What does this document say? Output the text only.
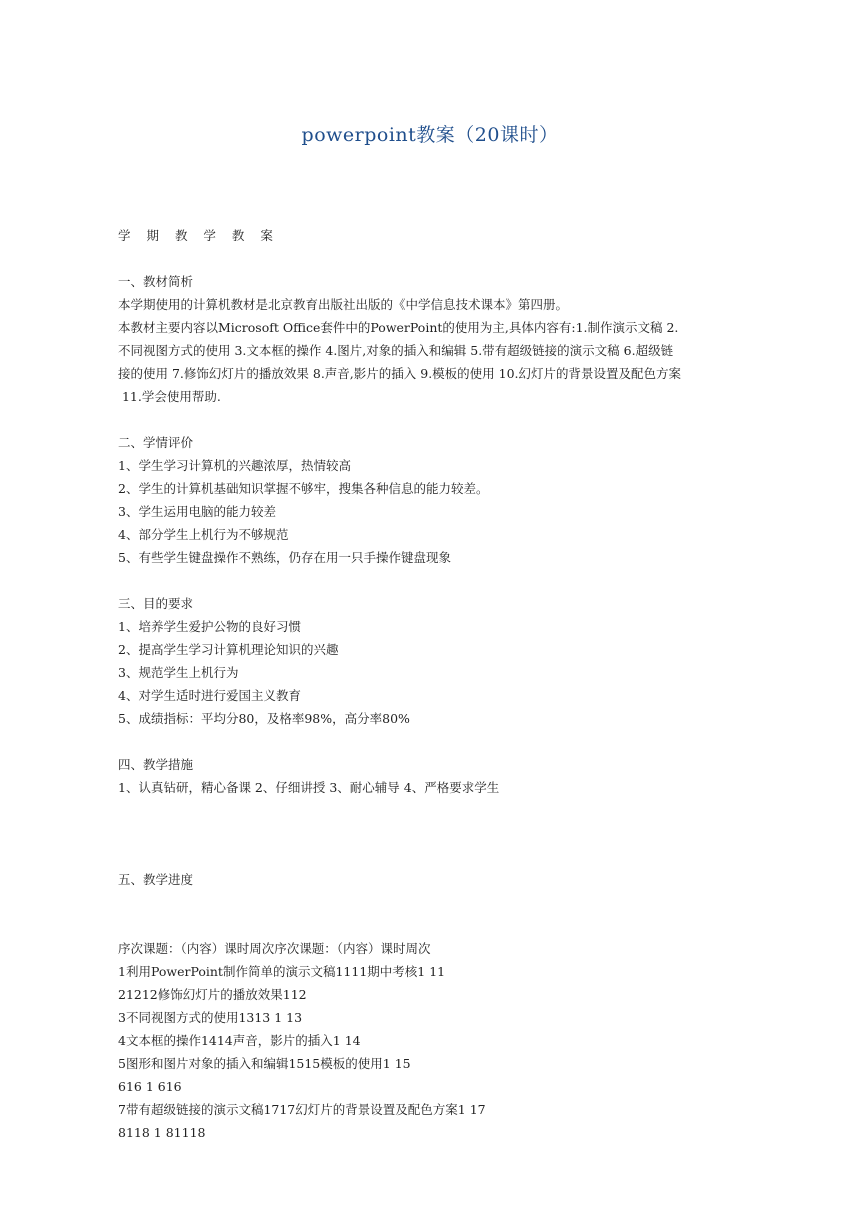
powerpoint教案（20课时）
学 期 教 学 教 案
一、教材简析
本学期使用的计算机教材是北京教育出版社出版的《中学信息技术课本》第四册。
本教材主要内容以Microsoft Office套件中的PowerPoint的使用为主,具体内容有:1.制作演示文稿 2.
不同视图方式的使用 3.文本框的操作 4.图片,对象的插入和编辑 5.带有超级链接的演示文稿 6.超级链
接的使用 7.修饰幻灯片的播放效果 8.声音,影片的插入 9.模板的使用 10.幻灯片的背景设置及配色方案
11.学会使用帮助.
二、学情评价
1、学生学习计算机的兴趣浓厚，热情较高
2、学生的计算机基础知识掌握不够牢，搜集各种信息的能力较差。
3、学生运用电脑的能力较差
4、部分学生上机行为不够规范
5、有些学生键盘操作不熟练，仍存在用一只手操作键盘现象
三、目的要求
1、培养学生爱护公物的良好习惯
2、提高学生学习计算机理论知识的兴趣
3、规范学生上机行为
4、对学生适时进行爱国主义教育
5、成绩指标：平均分80，及格率98%，高分率80%
四、教学措施
1、认真钻研，精心备课 2、仔细讲授 3、耐心辅导 4、严格要求学生
五、教学进度
序次课题：（内容）课时周次序次课题：（内容）课时周次
1利用PowerPoint制作简单的演示文稿1111期中考核1 11
21212修饰幻灯片的播放效果112
3不同视图方式的使用1313 1 13
4文本框的操作1414声音，影片的插入1 14
5图形和图片对象的插入和编辑1515模板的使用1 15
616 1 616
7带有超级链接的演示文稿1717幻灯片的背景设置及配色方案1 17
8118 1 81118
